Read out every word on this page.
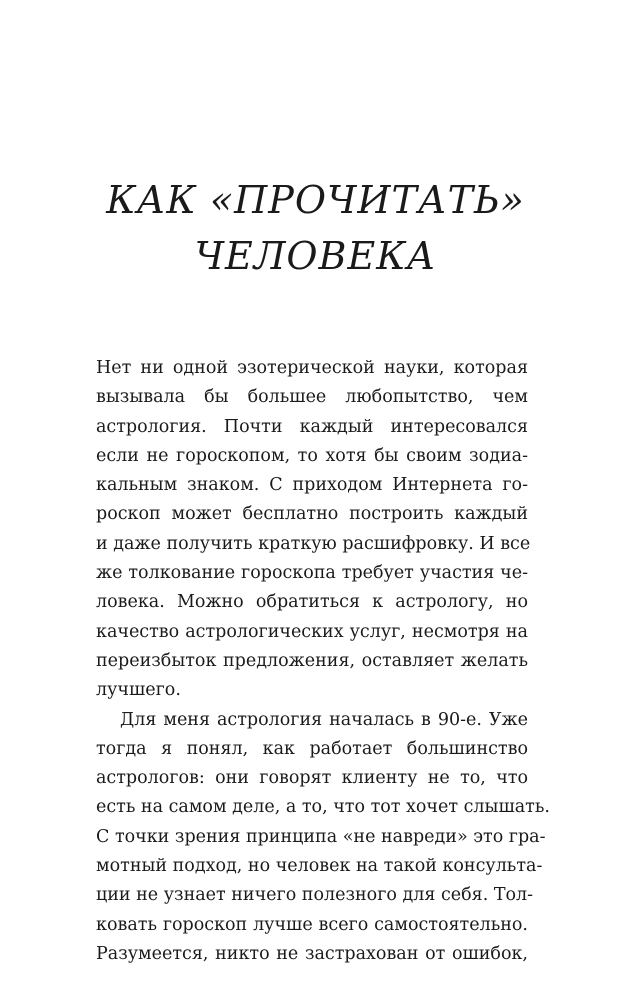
КАК «ПРОЧИТАТЬ»
ЧЕЛОВЕКА
Нет ни одной эзотерической науки, которая
вызывала бы большее любопытство, чем
астрология. Почти каждый интересовался
если не гороскопом, то хотя бы своим зодиа-
кальным знаком. С приходом Интернета го-
роскоп может бесплатно построить каждый
и даже получить краткую расшифровку. И все
же толкование гороскопа требует участия че-
ловека. Можно обратиться к астрологу, но
качество астрологических услуг, несмотря на
переизбыток предложения, оставляет желать
лучшего.
Для меня астрология началась в 90-е. Уже
тогда я понял, как работает большинство
астрологов: они говорят клиенту не то, что
есть на самом деле, а то, что тот хочет слышать.
С точки зрения принципа «не навреди» это гра-
мотный подход, но человек на такой консульта-
ции не узнает ничего полезного для себя. Тол-
ковать гороскоп лучше всего самостоятельно.
Разумеется, никто не застрахован от ошибок,
